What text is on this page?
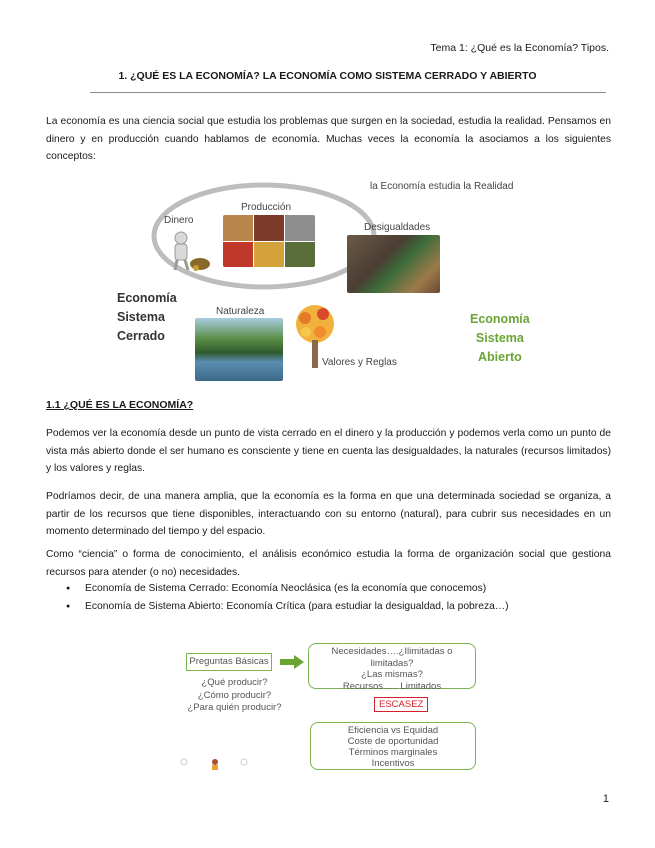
Tema 1: ¿Qué es la Economía? Tipos.
1. ¿QUÉ ES LA ECONOMÍA? LA ECONOMÍA COMO SISTEMA CERRADO Y ABIERTO
La economía es una ciencia social que estudia los problemas que surgen en la sociedad, estudia la realidad. Pensamos en dinero y en producción cuando hablamos de economía. Muchas veces la economía la asociamos a los siguientes conceptos:
la Economía estudia la Realidad
Dinero
Producción
Desigualdades
Naturaleza
Valores y Reglas
Economía
Sistema
Cerrado
Economía
Sistema
Abierto
1.1 ¿QUÉ ES LA ECONOMÍA?
Podemos ver la economía desde un punto de vista cerrado en el dinero y la producción y podemos verla como un punto de vista más abierto donde el ser humano es consciente y tiene en cuenta las desigualdades, la naturales (recursos limitados) y los valores y reglas.
Podríamos decir, de una manera amplia, que la economía es la forma en que una determinada sociedad se organiza, a partir de los recursos que tiene disponibles, interactuando con su entorno (natural), para cubrir sus necesidades en un momento determinado del tiempo y del espacio.
Como “ciencia” o forma de conocimiento, el análisis económico estudia la forma de organización social que gestiona recursos para atender (o no) necesidades.
● Economía de Sistema Cerrado: Economía Neoclásica (es la economía que conocemos)
● Economía de Sistema Abierto: Economía Crítica (para estudiar la desigualdad, la pobreza…)
Preguntas Básicas
¿Qué producir?
¿Cómo producir?
¿Para quién producir?
Necesidades….¿Ilimitadas o
limitadas?
¿Las mismas?
Recursos….. Limitados
ESCASEZ
Eficiencia vs Equidad
Coste de oportunidad
Términos marginales
Incentivos
1
